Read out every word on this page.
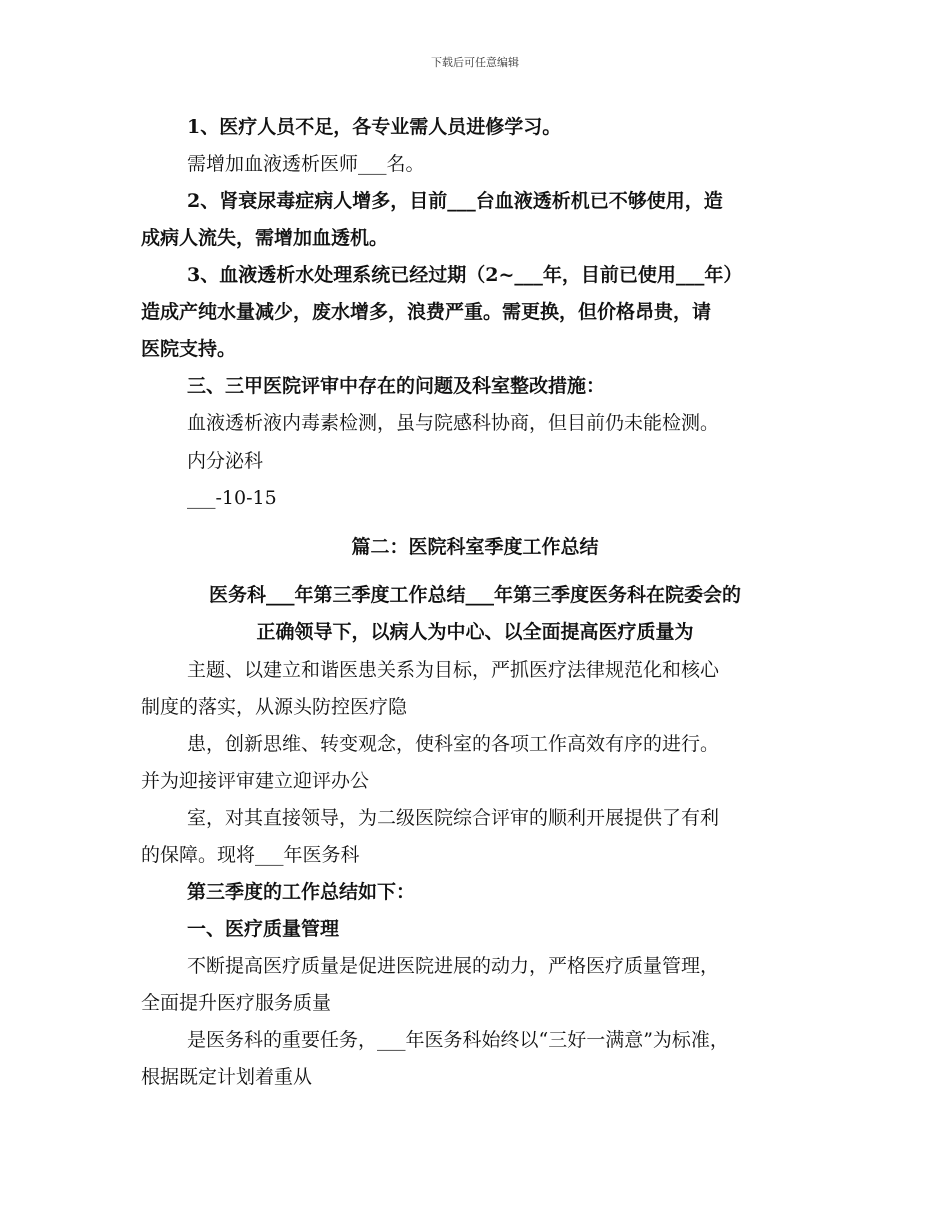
下载后可任意编辑
1、医疗人员不足，各专业需人员进修学习。
需增加血液透析医师___名。
2、肾衰尿毒症病人增多，目前___台血液透析机已不够使用，造
成病人流失，需增加血透机。
3、血液透析水处理系统已经过期（2~___年，目前已使用___年）
造成产纯水量减少，废水增多，浪费严重。需更换，但价格昂贵，请
医院支持。
三、三甲医院评审中存在的问题及科室整改措施：
血液透析液内毒素检测，虽与院感科协商，但目前仍未能检测。
内分泌科
___-10-15
篇二：医院科室季度工作总结
医务科___年第三季度工作总结___年第三季度医务科在院委会的
正确领导下，以病人为中心、以全面提高医疗质量为
主题、以建立和谐医患关系为目标，严抓医疗法律规范化和核心
制度的落实，从源头防控医疗隐
患，创新思维、转变观念，使科室的各项工作高效有序的进行。
并为迎接评审建立迎评办公
室，对其直接领导，为二级医院综合评审的顺利开展提供了有利
的保障。现将___年医务科
第三季度的工作总结如下：
一、医疗质量管理
不断提高医疗质量是促进医院进展的动力，严格医疗质量管理，
全面提升医疗服务质量
是医务科的重要任务，___年医务科始终以“三好一满意”为标准，
根据既定计划着重从
